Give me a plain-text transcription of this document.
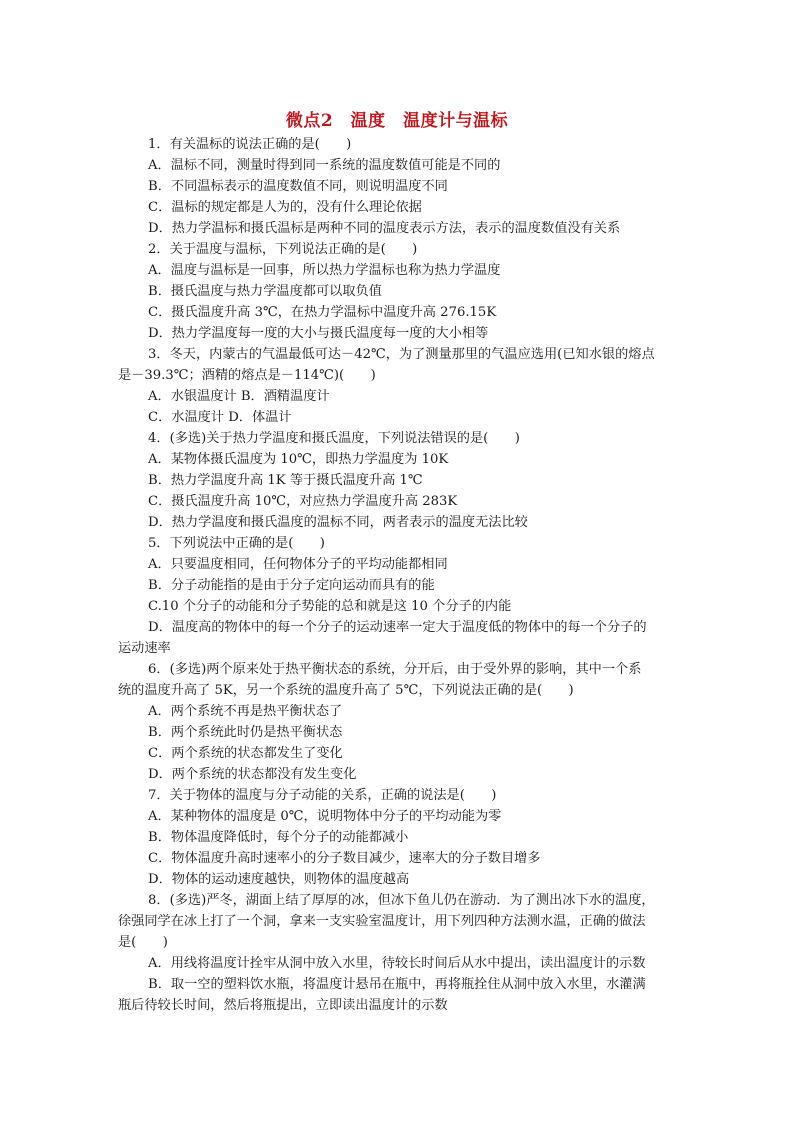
微点2　温度　温度计与温标
1．有关温标的说法正确的是(　　)
A．温标不同，测量时得到同一系统的温度数值可能是不同的
B．不同温标表示的温度数值不同，则说明温度不同
C．温标的规定都是人为的，没有什么理论依据
D．热力学温标和摄氏温标是两种不同的温度表示方法，表示的温度数值没有关系
2．关于温度与温标，下列说法正确的是(　　)
A．温度与温标是一回事，所以热力学温标也称为热力学温度
B．摄氏温度与热力学温度都可以取负值
C．摄氏温度升高 3℃，在热力学温标中温度升高 276.15K
D．热力学温度每一度的大小与摄氏温度每一度的大小相等
3．冬天，内蒙古的气温最低可达－42℃，为了测量那里的气温应选用(已知水银的熔点
是－39.3℃；酒精的熔点是－114℃)(　　)
A．水银温度计 B．酒精温度计
C．水温度计 D．体温计
4．(多选)关于热力学温度和摄氏温度，下列说法错误的是(　　)
A．某物体摄氏温度为 10℃，即热力学温度为 10K
B．热力学温度升高 1K 等于摄氏温度升高 1℃
C．摄氏温度升高 10℃，对应热力学温度升高 283K
D．热力学温度和摄氏温度的温标不同，两者表示的温度无法比较
5．下列说法中正确的是(　　)
A．只要温度相同，任何物体分子的平均动能都相同
B．分子动能指的是由于分子定向运动而具有的能
C.10 个分子的动能和分子势能的总和就是这 10 个分子的内能
D．温度高的物体中的每一个分子的运动速率一定大于温度低的物体中的每一个分子的
运动速率
6．(多选)两个原来处于热平衡状态的系统，分开后，由于受外界的影响，其中一个系
统的温度升高了 5K，另一个系统的温度升高了 5℃，下列说法正确的是(　　)
A．两个系统不再是热平衡状态了
B．两个系统此时仍是热平衡状态
C．两个系统的状态都发生了变化
D．两个系统的状态都没有发生变化
7．关于物体的温度与分子动能的关系，正确的说法是(　　)
A．某种物体的温度是 0℃，说明物体中分子的平均动能为零
B．物体温度降低时，每个分子的动能都减小
C．物体温度升高时速率小的分子数目减少，速率大的分子数目增多
D．物体的运动速度越快，则物体的温度越高
8．(多选)严冬，湖面上结了厚厚的冰，但冰下鱼儿仍在游动．为了测出冰下水的温度，
徐强同学在冰上打了一个洞，拿来一支实验室温度计，用下列四种方法测水温，正确的做法
是(　　)
A．用线将温度计拴牢从洞中放入水里，待较长时间后从水中提出，读出温度计的示数
B．取一空的塑料饮水瓶，将温度计悬吊在瓶中，再将瓶拴住从洞中放入水里，水灌满
瓶后待较长时间，然后将瓶提出，立即读出温度计的示数
